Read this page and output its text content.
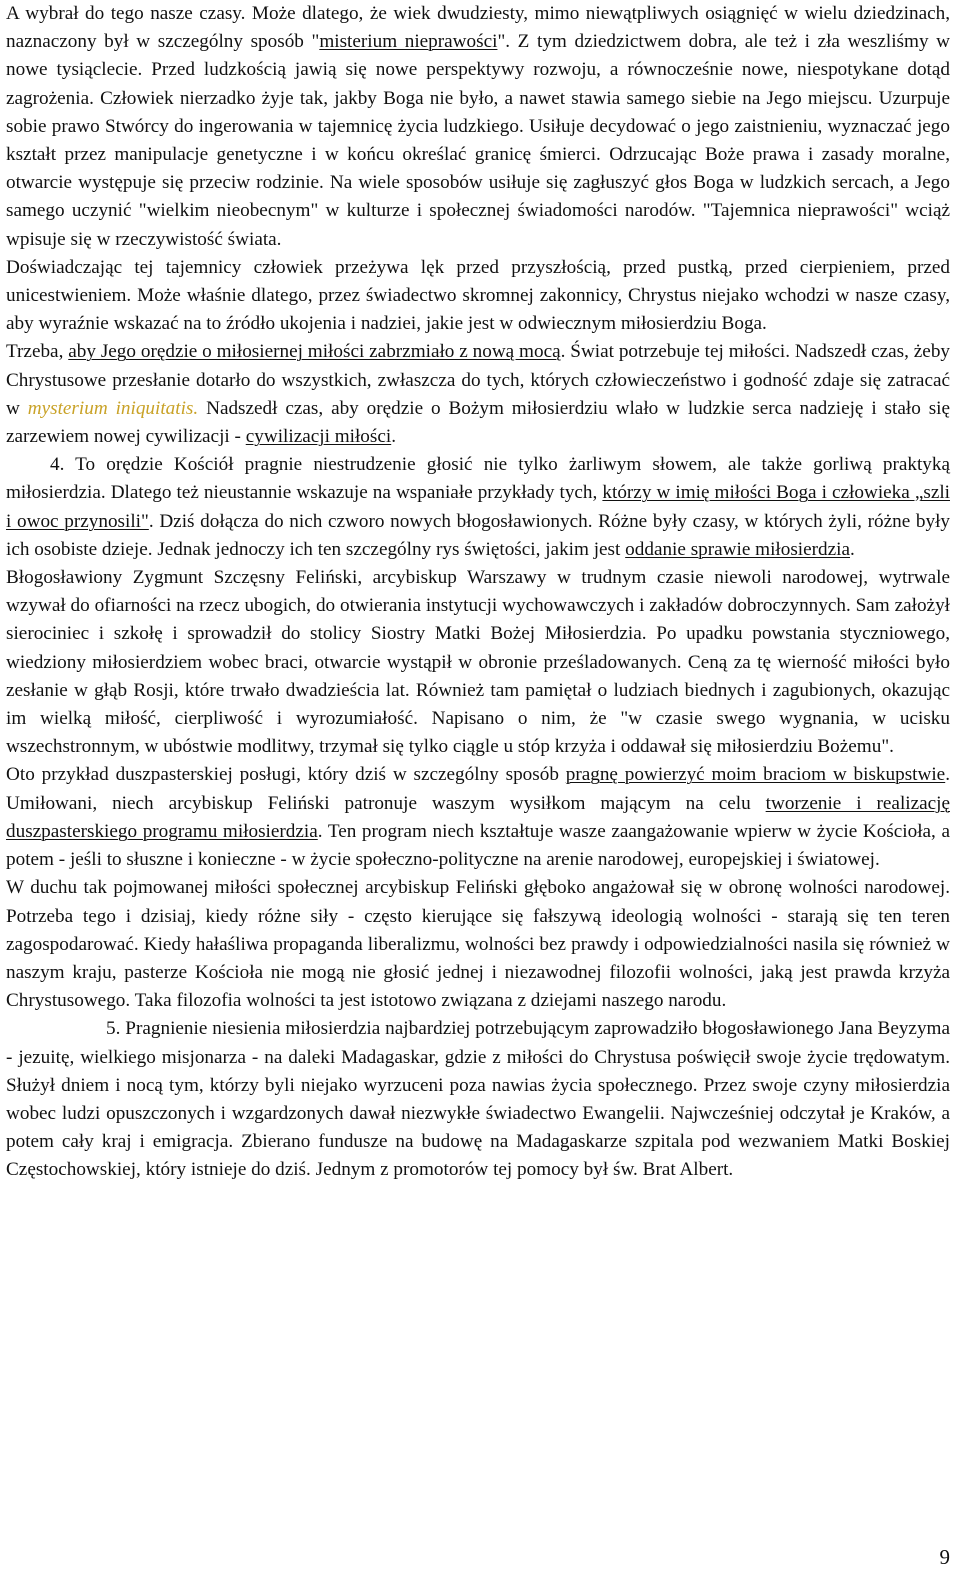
A wybrał do tego nasze czasy. Może dlatego, że wiek dwudziesty, mimo niewątpliwych osiągnięć w wielu dziedzinach, naznaczony był w szczególny sposób "misterium nieprawości". Z tym dziedzictwem dobra, ale też i zła weszliśmy w nowe tysiąclecie. Przed ludzkością jawią się nowe perspektywy rozwoju, a równocześnie nowe, niespotykane dotąd zagrożenia. Człowiek nierzadko żyje tak, jakby Boga nie było, a nawet stawia samego siebie na Jego miejscu. Uzurpuje sobie prawo Stwórcy do ingerowania w tajemnicę życia ludzkiego. Usiłuje decydować o jego zaistnieniu, wyznaczać jego kształt przez manipulacje genetyczne i w końcu określać granicę śmierci. Odrzucając Boże prawa i zasady moralne, otwarcie występuje się przeciw rodzinie. Na wiele sposobów usiłuje się zagłuszyć głos Boga w ludzkich sercach, a Jego samego uczynić "wielkim nieobecnym" w kulturze i społecznej świadomości narodów. "Tajemnica nieprawości" wciąż wpisuje się w rzeczywistość świata.

Doświadczając tej tajemnicy człowiek przeżywa lęk przed przyszłością, przed pustką, przed cierpieniem, przed unicestwieniem. Może właśnie dlatego, przez świadectwo skromnej zakonnicy, Chrystus niejako wchodzi w nasze czasy, aby wyraźnie wskazać na to źródło ukojenia i nadziei, jakie jest w odwiecznym miłosierdziu Boga.

Trzeba, aby Jego orędzie o miłosiernej miłości zabrzmiało z nową mocą. Świat potrzebuje tej miłości. Nadszedł czas, żeby Chrystusowe przesłanie dotarło do wszystkich, zwłaszcza do tych, których człowieczeństwo i godność zdaje się zatracać w mysterium iniquitatis. Nadszedł czas, aby orędzie o Bożym miłosierdziu wlało w ludzkie serca nadzieję i stało się zarzewiem nowej cywilizacji - cywilizacji miłości.

4. To orędzie Kościół pragnie niestrudzenie głosić nie tylko żarliwym słowem, ale także gorliwą praktyką miłosierdzia. Dlatego też nieustannie wskazuje na wspaniałe przykłady tych, którzy w imię miłości Boga i człowieka „szli i owoc przynosili". Dziś dołącza do nich czworo nowych błogosławionych. Różne były czasy, w których żyli, różne były ich osobiste dzieje. Jednak jednoczy ich ten szczególny rys świętości, jakim jest oddanie sprawie miłosierdzia.

Błogosławiony Zygmunt Szczęsny Feliński, arcybiskup Warszawy w trudnym czasie niewoli narodowej, wytrwale wzywał do ofiarności na rzecz ubogich, do otwierania instytucji wychowawczych i zakładów dobroczynnych. Sam założył sierociniec i szkołę i sprowadził do stolicy Siostry Matki Bożej Miłosierdzia. Po upadku powstania styczniowego, wiedziony miłosierdziem wobec braci, otwarcie wystąpił w obronie prześladowanych. Ceną za tę wierność miłości było zesłanie w głąb Rosji, które trwało dwadzieścia lat. Również tam pamiętał o ludziach biednych i zagubionych, okazując im wielką miłość, cierpliwość i wyrozumiałość. Napisano o nim, że "w czasie swego wygnania, w ucisku wszechstronnym, w ubóstwie modlitwy, trzymał się tylko ciągle u stóp krzyża i oddawał się miłosierdziu Bożemu".

Oto przykład duszpasterskiej posługi, który dziś w szczególny sposób pragnę powierzyć moim braciom w biskupstwie. Umiłowani, niech arcybiskup Feliński patronuje waszym wysiłkom mającym na celu tworzenie i realizację duszpasterskiego programu miłosierdzia. Ten program niech kształtuje wasze zaangażowanie wpierw w życie Kościoła, a potem - jeśli to słuszne i konieczne - w życie społeczno-polityczne na arenie narodowej, europejskiej i światowej.

W duchu tak pojmowanej miłości społecznej arcybiskup Feliński głęboko angażował się w obronę wolności narodowej. Potrzeba tego i dzisiaj, kiedy różne siły - często kierujące się fałszywą ideologią wolności - starają się ten teren zagospodarować. Kiedy hałaśliwa propaganda liberalizmu, wolności bez prawdy i odpowiedzialności nasila się również w naszym kraju, pasterze Kościoła nie mogą nie głosić jednej i niezawodnej filozofii wolności, jaką jest prawda krzyża Chrystusowego. Taka filozofia wolności ta jest istotowo związana z dziejami naszego narodu.

5. Pragnienie niesienia miłosierdzia najbardziej potrzebującym zaprowadziło błogosławionego Jana Beyzyma - jezuitę, wielkiego misjonarza - na daleki Madagaskar, gdzie z miłości do Chrystusa poświęcił swoje życie trędowatym. Służył dniem i nocą tym, którzy byli niejako wyrzuceni poza nawias życia społecznego. Przez swoje czyny miłosierdzia wobec ludzi opuszczonych i wzgardzonych dawał niezwykłe świadectwo Ewangelii. Najwcześniej odczytał je Kraków, a potem cały kraj i emigracja. Zbierano fundusze na budowę na Madagaskarze szpitala pod wezwaniem Matki Boskiej Częstochowskiej, który istnieje do dziś. Jednym z promotorów tej pomocy był św. Brat Albert.

9
